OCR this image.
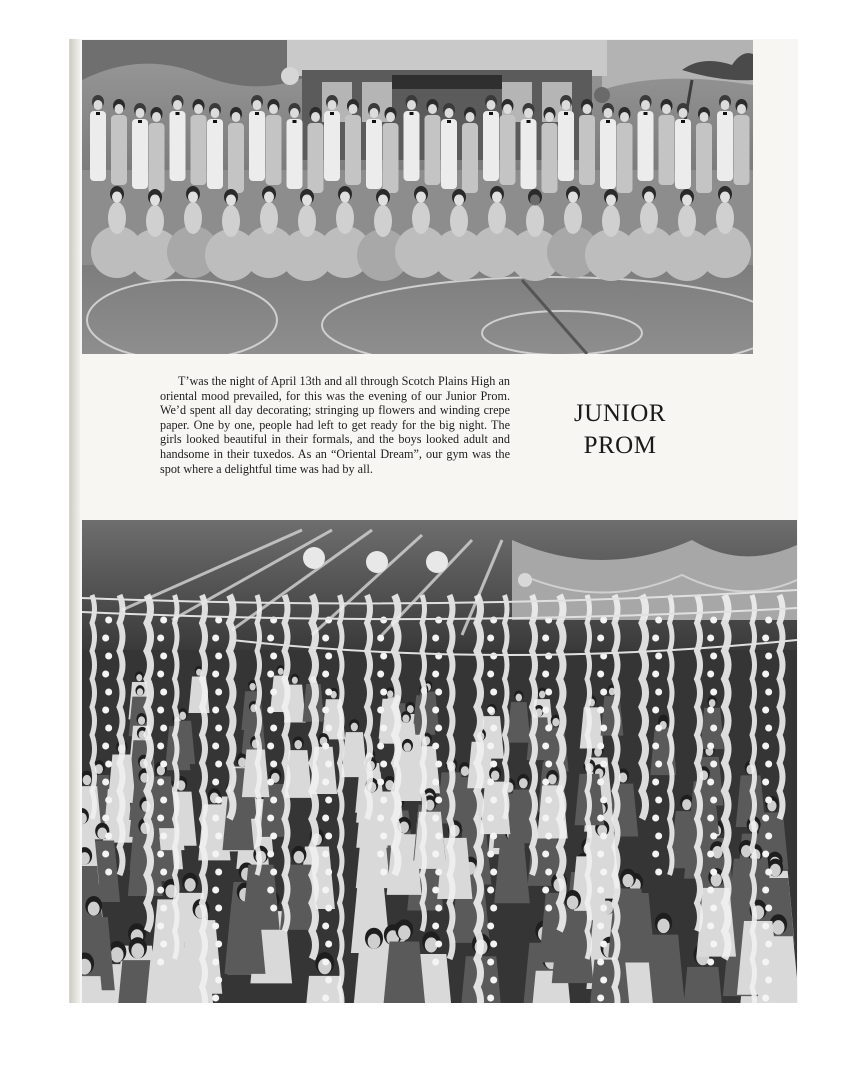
T’was the night of April 13th and all through Scotch Plains High an oriental mood prevailed, for this was the evening of our Junior Prom. We’d spent all day decorating; stringing up flowers and winding crepe paper. One by one, people had left to get ready for the big night. The girls looked beautiful in their formals, and the boys looked adult and handsome in their tuxedos. As an “Oriental Dream”, our gym was the spot where a delightful time was had by all.
JUNIOR
PROM
